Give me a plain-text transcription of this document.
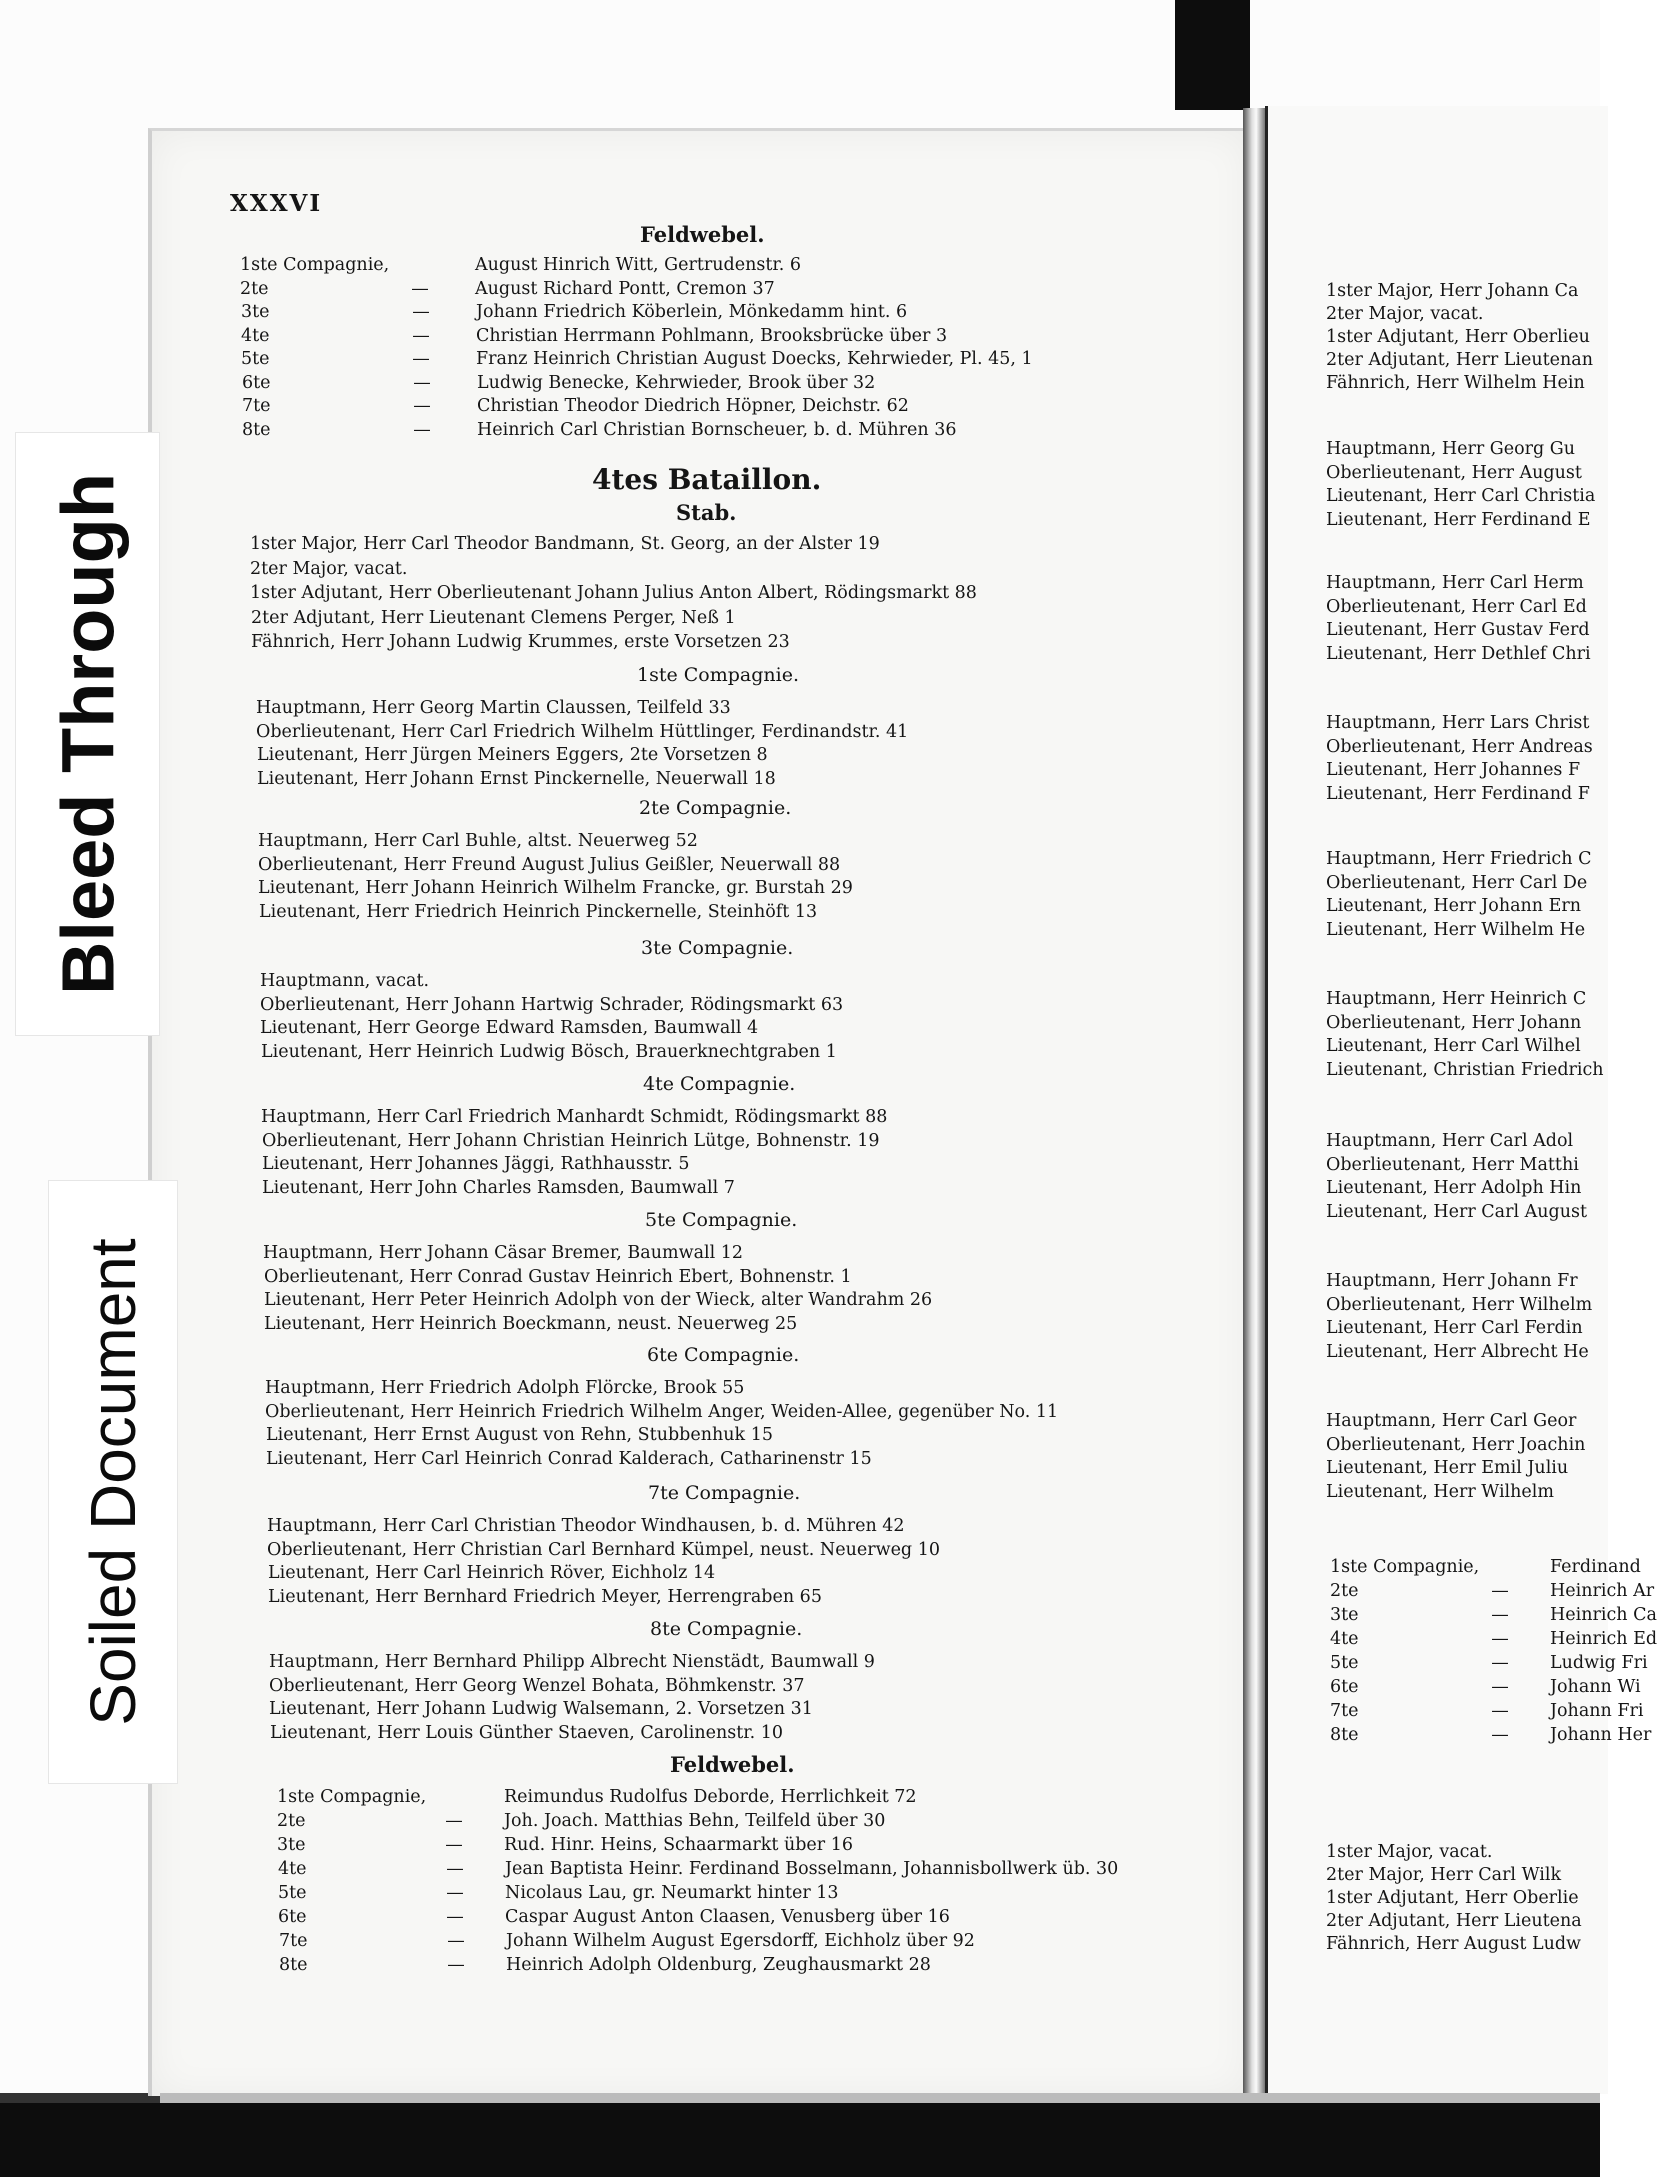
Bleed Through
Soiled Document
XXXVI
Feldwebel.
1ste Compagnie,	August Hinrich Witt, Gertrudenstr. 6
2te	—	August Richard Pontt, Cremon 37
3te	—	Johann Friedrich Köberlein, Mönkedamm hint. 6
4te	—	Christian Herrmann Pohlmann, Brooksbrücke über 3
5te	—	Franz Heinrich Christian August Doecks, Kehrwieder, Pl. 45, 1
6te	—	Ludwig Benecke, Kehrwieder, Brook über 32
7te	—	Christian Theodor Diedrich Höpner, Deichstr. 62
8te	—	Heinrich Carl Christian Bornscheuer, b. d. Mühren 36
4tes Bataillon.
Stab.
1ster Major, Herr Carl Theodor Bandmann, St. Georg, an der Alster 19
2ter Major, vacat.
1ster Adjutant, Herr Oberlieutenant Johann Julius Anton Albert, Rödingsmarkt 88
2ter Adjutant, Herr Lieutenant Clemens Perger, Neß 1
Fähnrich, Herr Johann Ludwig Krummes, erste Vorsetzen 23
1ste Compagnie.
Hauptmann, Herr Georg Martin Claussen, Teilfeld 33
Oberlieutenant, Herr Carl Friedrich Wilhelm Hüttlinger, Ferdinandstr. 41
Lieutenant, Herr Jürgen Meiners Eggers, 2te Vorsetzen 8
Lieutenant, Herr Johann Ernst Pinckernelle, Neuerwall 18
2te Compagnie.
Hauptmann, Herr Carl Buhle, altst. Neuerweg 52
Oberlieutenant, Herr Freund August Julius Geißler, Neuerwall 88
Lieutenant, Herr Johann Heinrich Wilhelm Francke, gr. Burstah 29
Lieutenant, Herr Friedrich Heinrich Pinckernelle, Steinhöft 13
3te Compagnie.
Hauptmann, vacat.
Oberlieutenant, Herr Johann Hartwig Schrader, Rödingsmarkt 63
Lieutenant, Herr George Edward Ramsden, Baumwall 4
Lieutenant, Herr Heinrich Ludwig Bösch, Brauerknechtgraben 1
4te Compagnie.
Hauptmann, Herr Carl Friedrich Manhardt Schmidt, Rödingsmarkt 88
Oberlieutenant, Herr Johann Christian Heinrich Lütge, Bohnenstr. 19
Lieutenant, Herr Johannes Jäggi, Rathhausstr. 5
Lieutenant, Herr John Charles Ramsden, Baumwall 7
5te Compagnie.
Hauptmann, Herr Johann Cäsar Bremer, Baumwall 12
Oberlieutenant, Herr Conrad Gustav Heinrich Ebert, Bohnenstr. 1
Lieutenant, Herr Peter Heinrich Adolph von der Wieck, alter Wandrahm 26
Lieutenant, Herr Heinrich Boeckmann, neust. Neuerweg 25
6te Compagnie.
Hauptmann, Herr Friedrich Adolph Flörcke, Brook 55
Oberlieutenant, Herr Heinrich Friedrich Wilhelm Anger, Weiden-Allee, gegenüber No. 11
Lieutenant, Herr Ernst August von Rehn, Stubbenhuk 15
Lieutenant, Herr Carl Heinrich Conrad Kalderach, Catharinenstr 15
7te Compagnie.
Hauptmann, Herr Carl Christian Theodor Windhausen, b. d. Mühren 42
Oberlieutenant, Herr Christian Carl Bernhard Kümpel, neust. Neuerweg 10
Lieutenant, Herr Carl Heinrich Röver, Eichholz 14
Lieutenant, Herr Bernhard Friedrich Meyer, Herrengraben 65
8te Compagnie.
Hauptmann, Herr Bernhard Philipp Albrecht Nienstädt, Baumwall 9
Oberlieutenant, Herr Georg Wenzel Bohata, Böhmkenstr. 37
Lieutenant, Herr Johann Ludwig Walsemann, 2. Vorsetzen 31
Lieutenant, Herr Louis Günther Staeven, Carolinenstr. 10
Feldwebel.
1ste Compagnie,	Reimundus Rudolfus Deborde, Herrlichkeit 72
2te	— Joh. Joach. Matthias Behn, Teilfeld über 30
3te	— Rud. Hinr. Heins, Schaarmarkt über 16
4te	— Jean Baptista Heinr. Ferdinand Bosselmann, Johannisbollwerk üb. 30
5te	— Nicolaus Lau, gr. Neumarkt hinter 13
6te	— Caspar August Anton Claasen, Venusberg über 16
7te	— Johann Wilhelm August Egersdorff, Eichholz über 92
8te	— Heinrich Adolph Oldenburg, Zeughausmarkt 28
1ster Major, Herr Johann Ca
2ter Major, vacat.
1ster Adjutant, Herr Oberlieu
2ter Adjutant, Herr Lieutenan
Fähnrich, Herr Wilhelm Hein
Hauptmann, Herr Georg Gu
Oberlieutenant, Herr August
Lieutenant, Herr Carl Christia
Lieutenant, Herr Ferdinand E
Hauptmann, Herr Carl Herm
Oberlieutenant, Herr Carl Ed
Lieutenant, Herr Gustav Ferd
Lieutenant, Herr Dethlef Chri
Hauptmann, Herr Lars Christ
Oberlieutenant, Herr Andreas
Lieutenant, Herr Johannes F
Lieutenant, Herr Ferdinand F
Hauptmann, Herr Friedrich C
Oberlieutenant, Herr Carl De
Lieutenant, Herr Johann Ern
Lieutenant, Herr Wilhelm He
Hauptmann, Herr Heinrich C
Oberlieutenant, Herr Johann
Lieutenant, Herr Carl Wilhel
Lieutenant, Christian Friedrich
Hauptmann, Herr Carl Adol
Oberlieutenant, Herr Matthi
Lieutenant, Herr Adolph Hin
Lieutenant, Herr Carl August
Hauptmann, Herr Johann Fr
Oberlieutenant, Herr Wilhelm
Lieutenant, Herr Carl Ferdin
Lieutenant, Herr Albrecht He
Hauptmann, Herr Carl Geor
Oberlieutenant, Herr Joachin
Lieutenant, Herr Emil Juliu
Lieutenant, Herr Wilhelm
1ste Compagnie,	Ferdinand
2te	— Heinrich Ar
3te	— Heinrich Ca
4te	— Heinrich Ed
5te	— Ludwig Fri
6te	— Johann Wi
7te	— Johann Fri
8te	— Johann Her
1ster Major, vacat.
2ter Major, Herr Carl Wilk
1ster Adjutant, Herr Oberlie
2ter Adjutant, Herr Lieutena
Fähnrich, Herr August Ludw
